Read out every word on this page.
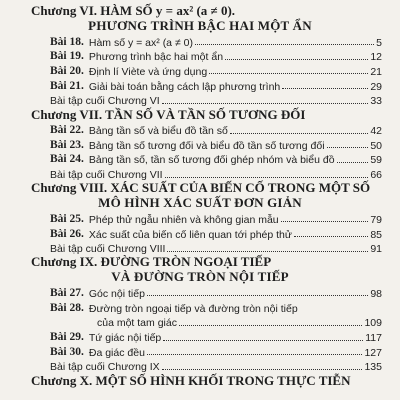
Chương VI. HÀM SỐ y = ax² (a ≠ 0).
PHƯƠNG TRÌNH BẬC HAI MỘT ẨN
Bài 18. Hàm số y = ax² (a ≠ 0)	5
Bài 19. Phương trình bậc hai một ẩn	12
Bài 20. Định lí Viète và ứng dụng	21
Bài 21. Giải bài toán bằng cách lập phương trình	29
Bài tập cuối Chương VI	33
Chương VII. TẦN SỐ VÀ TẦN SỐ TƯƠNG ĐỐI
Bài 22. Bảng tần số và biểu đồ tần số	42
Bài 23. Bảng tần số tương đối và biểu đồ tần số tương đối	50
Bài 24. Bảng tần số, tần số tương đối ghép nhóm và biểu đồ	59
Bài tập cuối Chương VII	66
Chương VIII. XÁC SUẤT CỦA BIẾN CỐ TRONG MỘT SỐ
MÔ HÌNH XÁC SUẤT ĐƠN GIẢN
Bài 25. Phép thử ngẫu nhiên và không gian mẫu	79
Bài 26. Xác suất của biến cố liên quan tới phép thử	85
Bài tập cuối Chương VIII	91
Chương IX. ĐƯỜNG TRÒN NGOẠI TIẾP
VÀ ĐƯỜNG TRÒN NỘI TIẾP
Bài 27. Góc nội tiếp	98
Bài 28. Đường tròn ngoại tiếp và đường tròn nội tiếp
của một tam giác	109
Bài 29. Tứ giác nội tiếp	117
Bài 30. Đa giác đều	127
Bài tập cuối Chương IX	135
Chương X. MỘT SỐ HÌNH KHỐI TRONG THỰC TIỄN
